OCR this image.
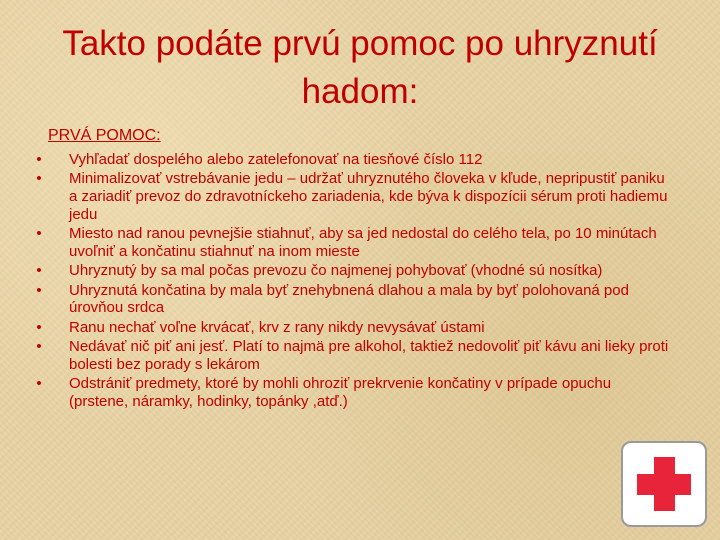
Takto podáte prvú pomoc po uhryznutí
hadom:
PRVÁ POMOC:
• Vyhľadať dospelého alebo zatelefonovať na tiesňové číslo 112
• Minimalizovať vstrebávanie jedu – udržať uhryznutého človeka v kľude, nepripustiť paniku a zariadiť prevoz do zdravotníckeho zariadenia, kde býva k dispozícii sérum proti hadiemu jedu
• Miesto nad ranou pevnejšie stiahnuť, aby sa jed nedostal do celého tela, po 10 minútach uvoľniť a končatinu stiahnuť na inom mieste
• Uhryznutý by sa mal počas prevozu čo najmenej pohybovať (vhodné sú nosítka)
• Uhryznutá končatina by mala byť znehybnená dlahou a mala by byť polohovaná pod úrovňou srdca
• Ranu nechať voľne krvácať, krv z rany nikdy nevysávať ústami
• Nedávať nič piť ani jesť. Platí to najmä pre alkohol, taktiež nedovoliť piť kávu ani lieky proti bolesti bez porady s lekárom
• Odstrániť predmety, ktoré by mohli ohroziť prekrvenie končatiny v prípade opuchu (prstene, náramky, hodinky, topánky ,atď.)
